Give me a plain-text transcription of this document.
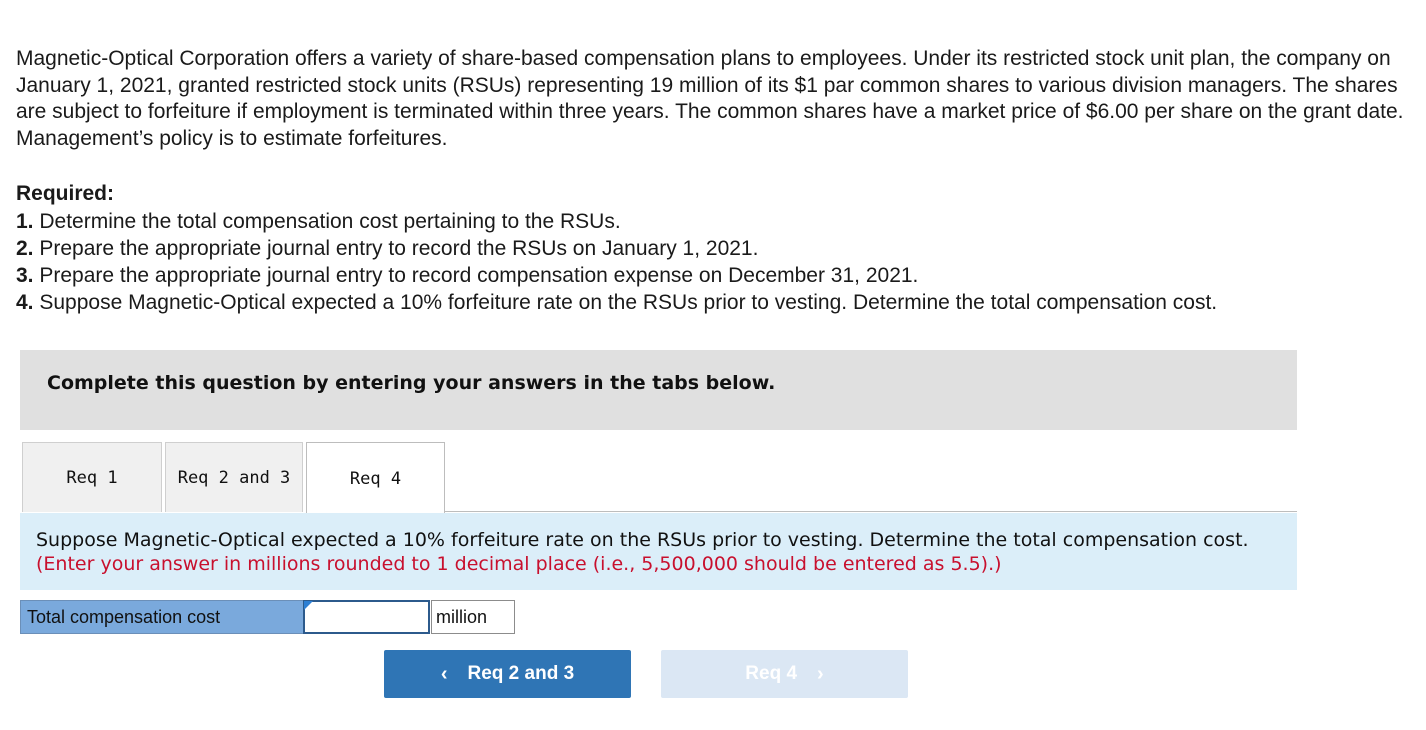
Magnetic-Optical Corporation offers a variety of share-based compensation plans to employees. Under its restricted stock unit plan, the company on January 1, 2021, granted restricted stock units (RSUs) representing 19 million of its $1 par common shares to various division managers. The shares are subject to forfeiture if employment is terminated within three years. The common shares have a market price of $6.00 per share on the grant date. Management’s policy is to estimate forfeitures.
Required:
1. Determine the total compensation cost pertaining to the RSUs.
2. Prepare the appropriate journal entry to record the RSUs on January 1, 2021.
3. Prepare the appropriate journal entry to record compensation expense on December 31, 2021.
4. Suppose Magnetic-Optical expected a 10% forfeiture rate on the RSUs prior to vesting. Determine the total compensation cost.
Complete this question by entering your answers in the tabs below.
Req 1	Req 2 and 3	Req 4
Suppose Magnetic-Optical expected a 10% forfeiture rate on the RSUs prior to vesting. Determine the total compensation cost. (Enter your answer in millions rounded to 1 decimal place (i.e., 5,500,000 should be entered as 5.5).)
Total compensation cost	million
‹ Req 2 and 3	Req 4 ›
